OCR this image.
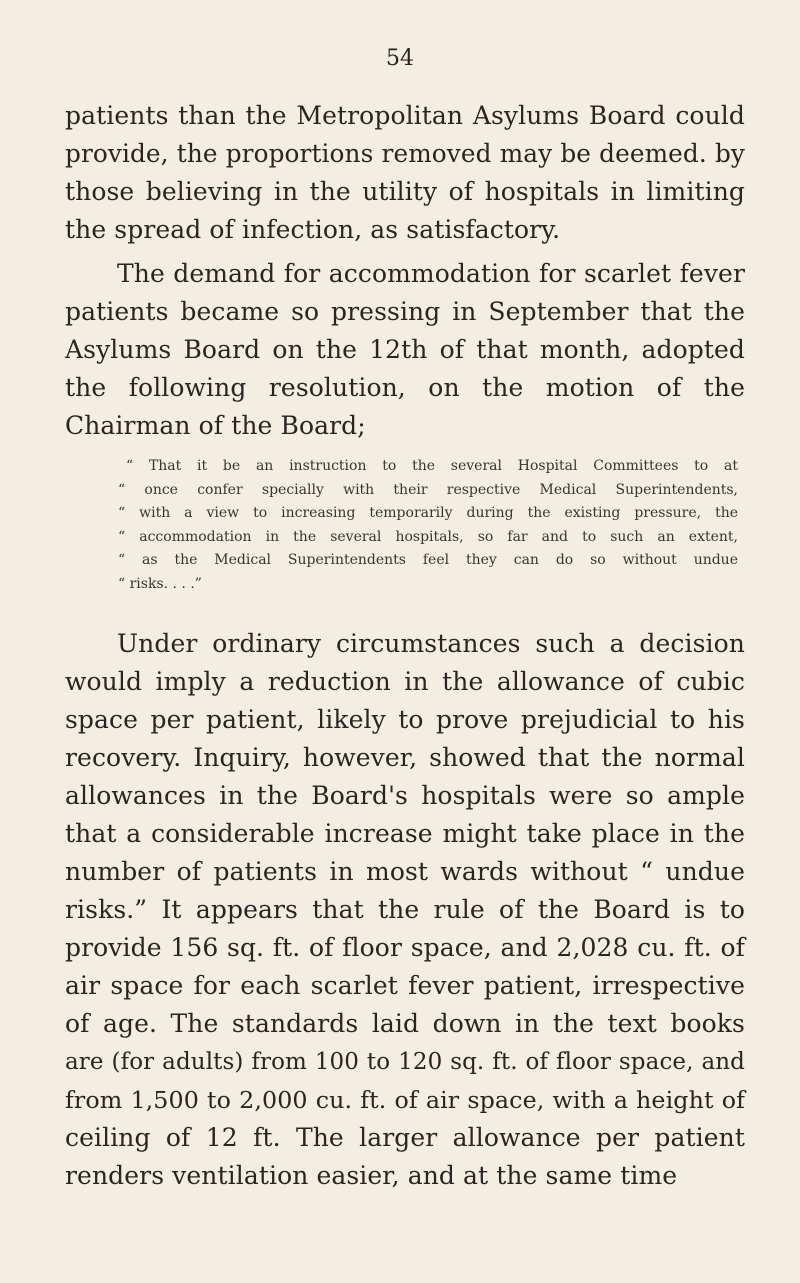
54
patients than the Metropolitan Asylums Board could
provide, the proportions removed may be deemed. by
those believing in the utility of hospitals in limiting
the spread of infection, as satisfactory.
The demand for accommodation for scarlet fever
patients became so pressing in September that the
Asylums Board on the 12th of that month, adopted
the following resolution, on the motion of the
Chairman of the Board;
“ That it be an instruction to the several Hospital Committees to at
“ once confer specially with their respective Medical Superintendents,
“ with a view to increasing temporarily during the existing pressure, the
“ accommodation in the several hospitals, so far and to such an extent,
“ as the Medical Superintendents feel they can do so without undue
“ risks. . . .”
Under ordinary circumstances such a decision
would imply a reduction in the allowance of cubic
space per patient, likely to prove prejudicial to his
recovery. Inquiry, however, showed that the normal
allowances in the Board's hospitals were so ample
that a considerable increase might take place in the
number of patients in most wards without “ undue
risks.” It appears that the rule of the Board is to
provide 156 sq. ft. of floor space, and 2,028 cu. ft. of
air space for each scarlet fever patient, irrespective
of age. The standards laid down in the text books
are (for adults) from 100 to 120 sq. ft. of floor space, and
from 1,500 to 2,000 cu. ft. of air space, with a height of
ceiling of 12 ft. The larger allowance per patient
renders ventilation easier, and at the same time
